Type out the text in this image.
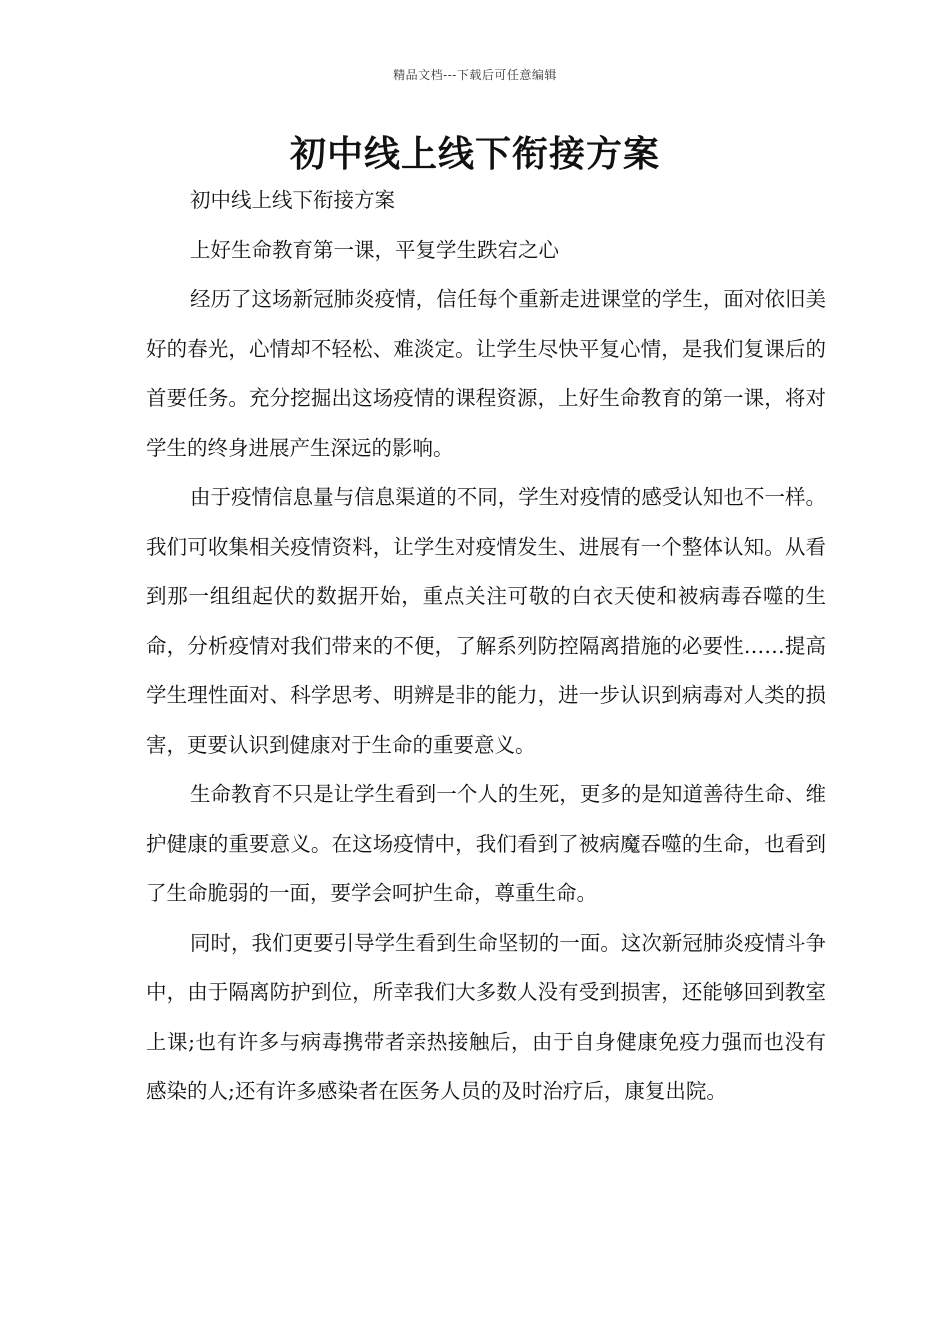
精品文档---下载后可任意编辑
初中线上线下衔接方案

初中线上线下衔接方案

上好生命教育第一课，平复学生跌宕之心

经历了这场新冠肺炎疫情，信任每个重新走进课堂的学生，面对依旧美好的春光，心情却不轻松、难淡定。让学生尽快平复心情，是我们复课后的首要任务。充分挖掘出这场疫情的课程资源，上好生命教育的第一课，将对学生的终身进展产生深远的影响。

由于疫情信息量与信息渠道的不同，学生对疫情的感受认知也不一样。我们可收集相关疫情资料，让学生对疫情发生、进展有一个整体认知。从看到那一组组起伏的数据开始，重点关注可敬的白衣天使和被病毒吞噬的生命，分析疫情对我们带来的不便，了解系列防控隔离措施的必要性……提高学生理性面对、科学思考、明辨是非的能力，进一步认识到病毒对人类的损害，更要认识到健康对于生命的重要意义。

生命教育不只是让学生看到一个人的生死，更多的是知道善待生命、维护健康的重要意义。在这场疫情中，我们看到了被病魔吞噬的生命，也看到了生命脆弱的一面，要学会呵护生命，尊重生命。

同时，我们更要引导学生看到生命坚韧的一面。这次新冠肺炎疫情斗争中，由于隔离防护到位，所幸我们大多数人没有受到损害，还能够回到教室上课;也有许多与病毒携带者亲热接触后，由于自身健康免疫力强而也没有感染的人;还有许多感染者在医务人员的及时治疗后，康复出院。
